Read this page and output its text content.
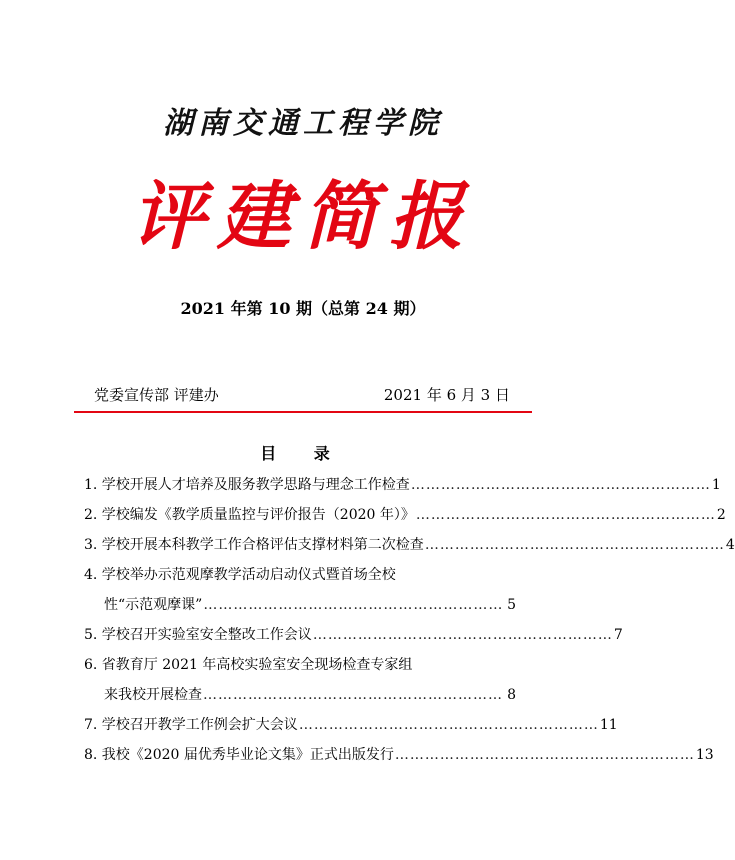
湖南交通工程学院
评建简报
2021 年第 10 期（总第 24 期）
党委宣传部 评建办	2021 年 6 月 3 日
目 录
1. 学校开展人才培养及服务教学思路与理念工作检查 …………………………………………………… 1
2. 学校编发《教学质量监控与评价报告（2020 年）》 …………………………………………………… 2
3. 学校开展本科教学工作合格评估支撑材料第二次检查 …………………………………………………… 4
4. 学校举办示范观摩教学活动启动仪式暨首场全校
性“示范观摩课” …………………………………………………… 5
5. 学校召开实验室安全整改工作会议 …………………………………………………… 7
6. 省教育厅 2021 年高校实验室安全现场检查专家组
来我校开展检查 …………………………………………………… 8
7. 学校召开教学工作例会扩大会议 …………………………………………………… 11
8. 我校《2020 届优秀毕业论文集》正式出版发行 …………………………………………………… 13
